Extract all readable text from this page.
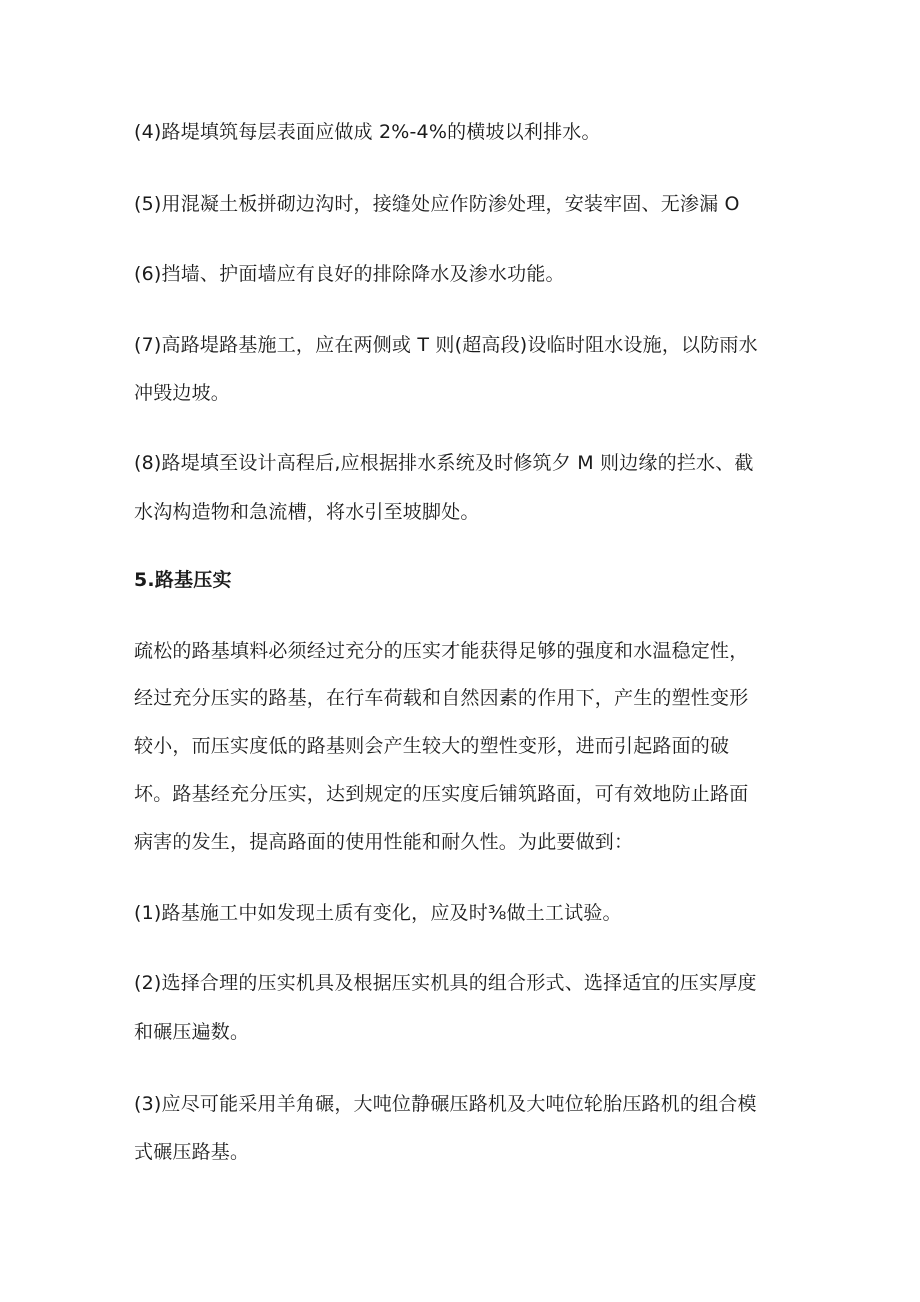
(4)路堤填筑每层表面应做成 2%-4%的横坡以利排水。
(5)用混凝土板拼砌边沟时，接缝处应作防渗处理，安装牢固、无渗漏 O
(6)挡墙、护面墙应有良好的排除降水及渗水功能。
(7)高路堤路基施工，应在两侧或 T 则(超高段)设临时阻水设施，以防雨水
冲毁边坡。
(8)路堤填至设计高程后,应根据排水系统及时修筑夕 M 则边缘的拦水、截
水沟构造物和急流槽，将水引至坡脚处。
5.路基压实
疏松的路基填料必须经过充分的压实才能获得足够的强度和水温稳定性，
经过充分压实的路基，在行车荷载和自然因素的作用下，产生的塑性变形
较小，而压实度低的路基则会产生较大的塑性变形，进而引起路面的破
坏。路基经充分压实，达到规定的压实度后铺筑路面，可有效地防止路面
病害的发生，提高路面的使用性能和耐久性。为此要做到：
(1)路基施工中如发现土质有变化，应及时⅜做土工试验。
(2)选择合理的压实机具及根据压实机具的组合形式、选择适宜的压实厚度
和碾压遍数。
(3)应尽可能采用羊角碾，大吨位静碾压路机及大吨位轮胎压路机的组合模
式碾压路基。
